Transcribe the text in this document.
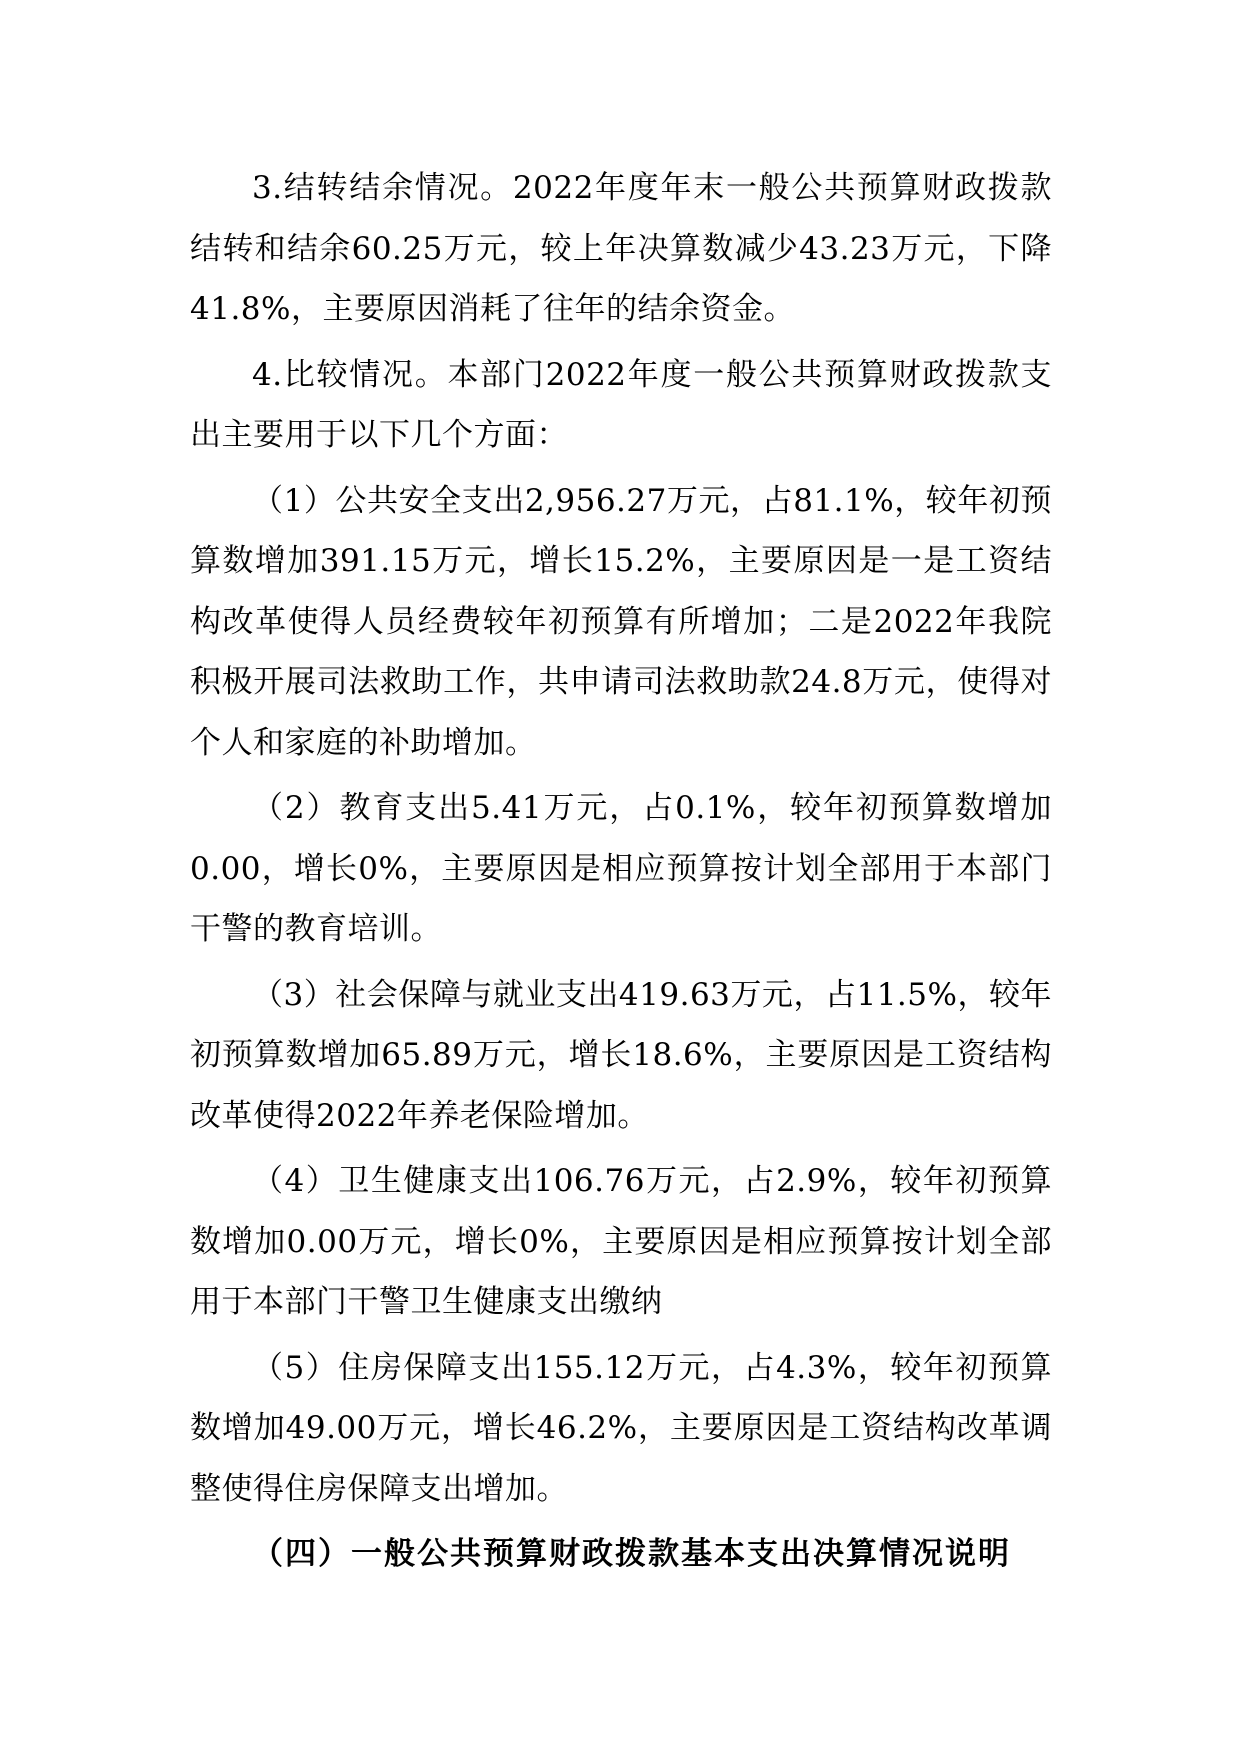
3.结转结余情况。2022年度年末一般公共预算财政拨款结转和结余60.25万元，较上年决算数减少43.23万元，下降41.8%，主要原因消耗了往年的结余资金。

4.比较情况。本部门2022年度一般公共预算财政拨款支出主要用于以下几个方面：

（1）公共安全支出2,956.27万元，占81.1%，较年初预算数增加391.15万元，增长15.2%，主要原因是一是工资结构改革使得人员经费较年初预算有所增加；二是2022年我院积极开展司法救助工作，共申请司法救助款24.8万元，使得对个人和家庭的补助增加。

（2）教育支出5.41万元，占0.1%，较年初预算数增加0.00，增长0%，主要原因是相应预算按计划全部用于本部门干警的教育培训。

（3）社会保障与就业支出419.63万元，占11.5%，较年初预算数增加65.89万元，增长18.6%，主要原因是工资结构改革使得2022年养老保险增加。

（4）卫生健康支出106.76万元，占2.9%，较年初预算数增加0.00万元，增长0%，主要原因是相应预算按计划全部用于本部门干警卫生健康支出缴纳

（5）住房保障支出155.12万元，占4.3%，较年初预算数增加49.00万元，增长46.2%，主要原因是工资结构改革调整使得住房保障支出增加。

（四）一般公共预算财政拨款基本支出决算情况说明
